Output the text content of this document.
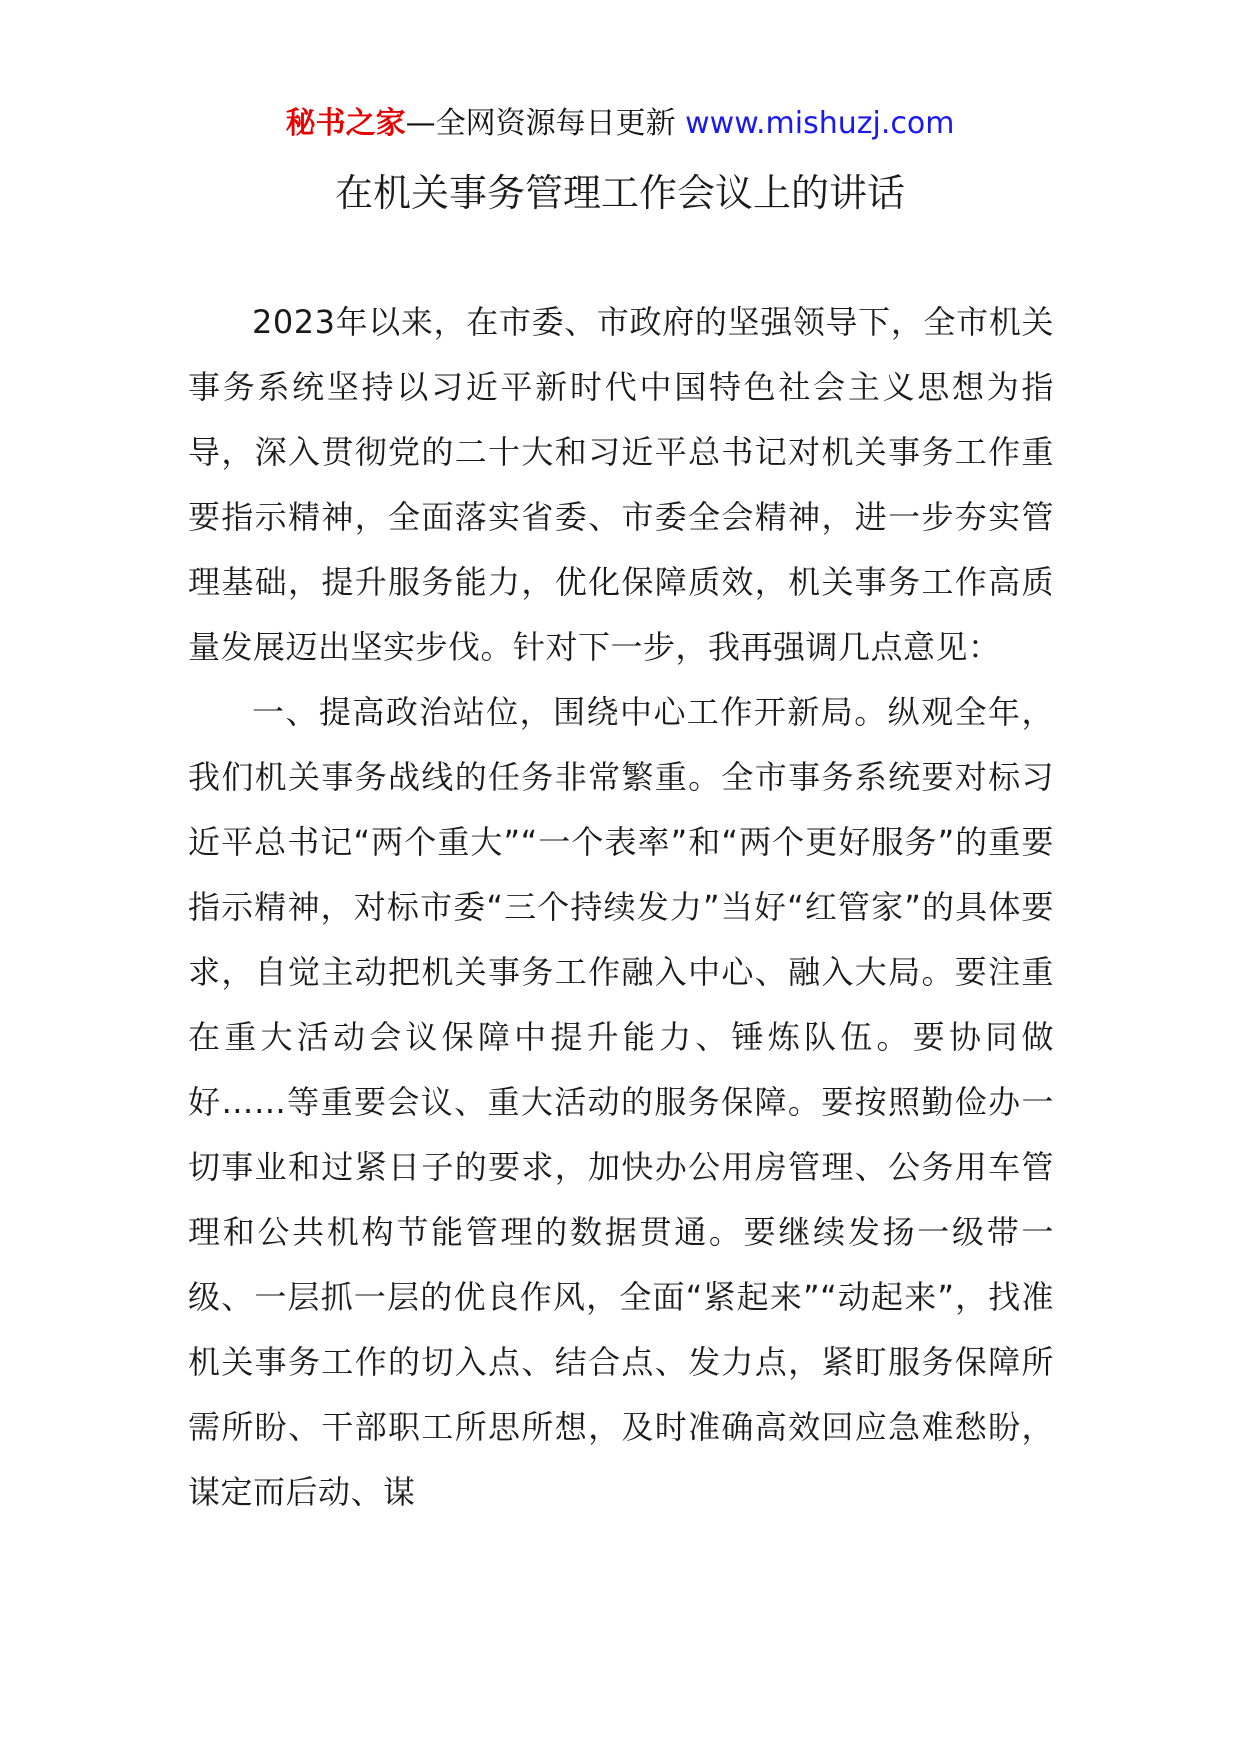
秘书之家—全网资源每日更新 www.mishuzj.com
在机关事务管理工作会议上的讲话

2023年以来，在市委、市政府的坚强领导下，全市机关事务系统坚持以习近平新时代中国特色社会主义思想为指导，深入贯彻党的二十大和习近平总书记对机关事务工作重要指示精神，全面落实省委、市委全会精神，进一步夯实管理基础，提升服务能力，优化保障质效，机关事务工作高质量发展迈出坚实步伐。针对下一步，我再强调几点意见：

一、提高政治站位，围绕中心工作开新局。纵观全年，我们机关事务战线的任务非常繁重。全市事务系统要对标习近平总书记“两个重大”“一个表率”和“两个更好服务”的重要指示精神，对标市委“三个持续发力”当好“红管家”的具体要求，自觉主动把机关事务工作融入中心、融入大局。要注重在重大活动会议保障中提升能力、锤炼队伍。要协同做好……等重要会议、重大活动的服务保障。要按照勤俭办一切事业和过紧日子的要求，加快办公用房管理、公务用车管理和公共机构节能管理的数据贯通。要继续发扬一级带一级、一层抓一层的优良作风，全面“紧起来”“动起来”，找准机关事务工作的切入点、结合点、发力点，紧盯服务保障所需所盼、干部职工所思所想，及时准确高效回应急难愁盼，谋定而后动、谋
